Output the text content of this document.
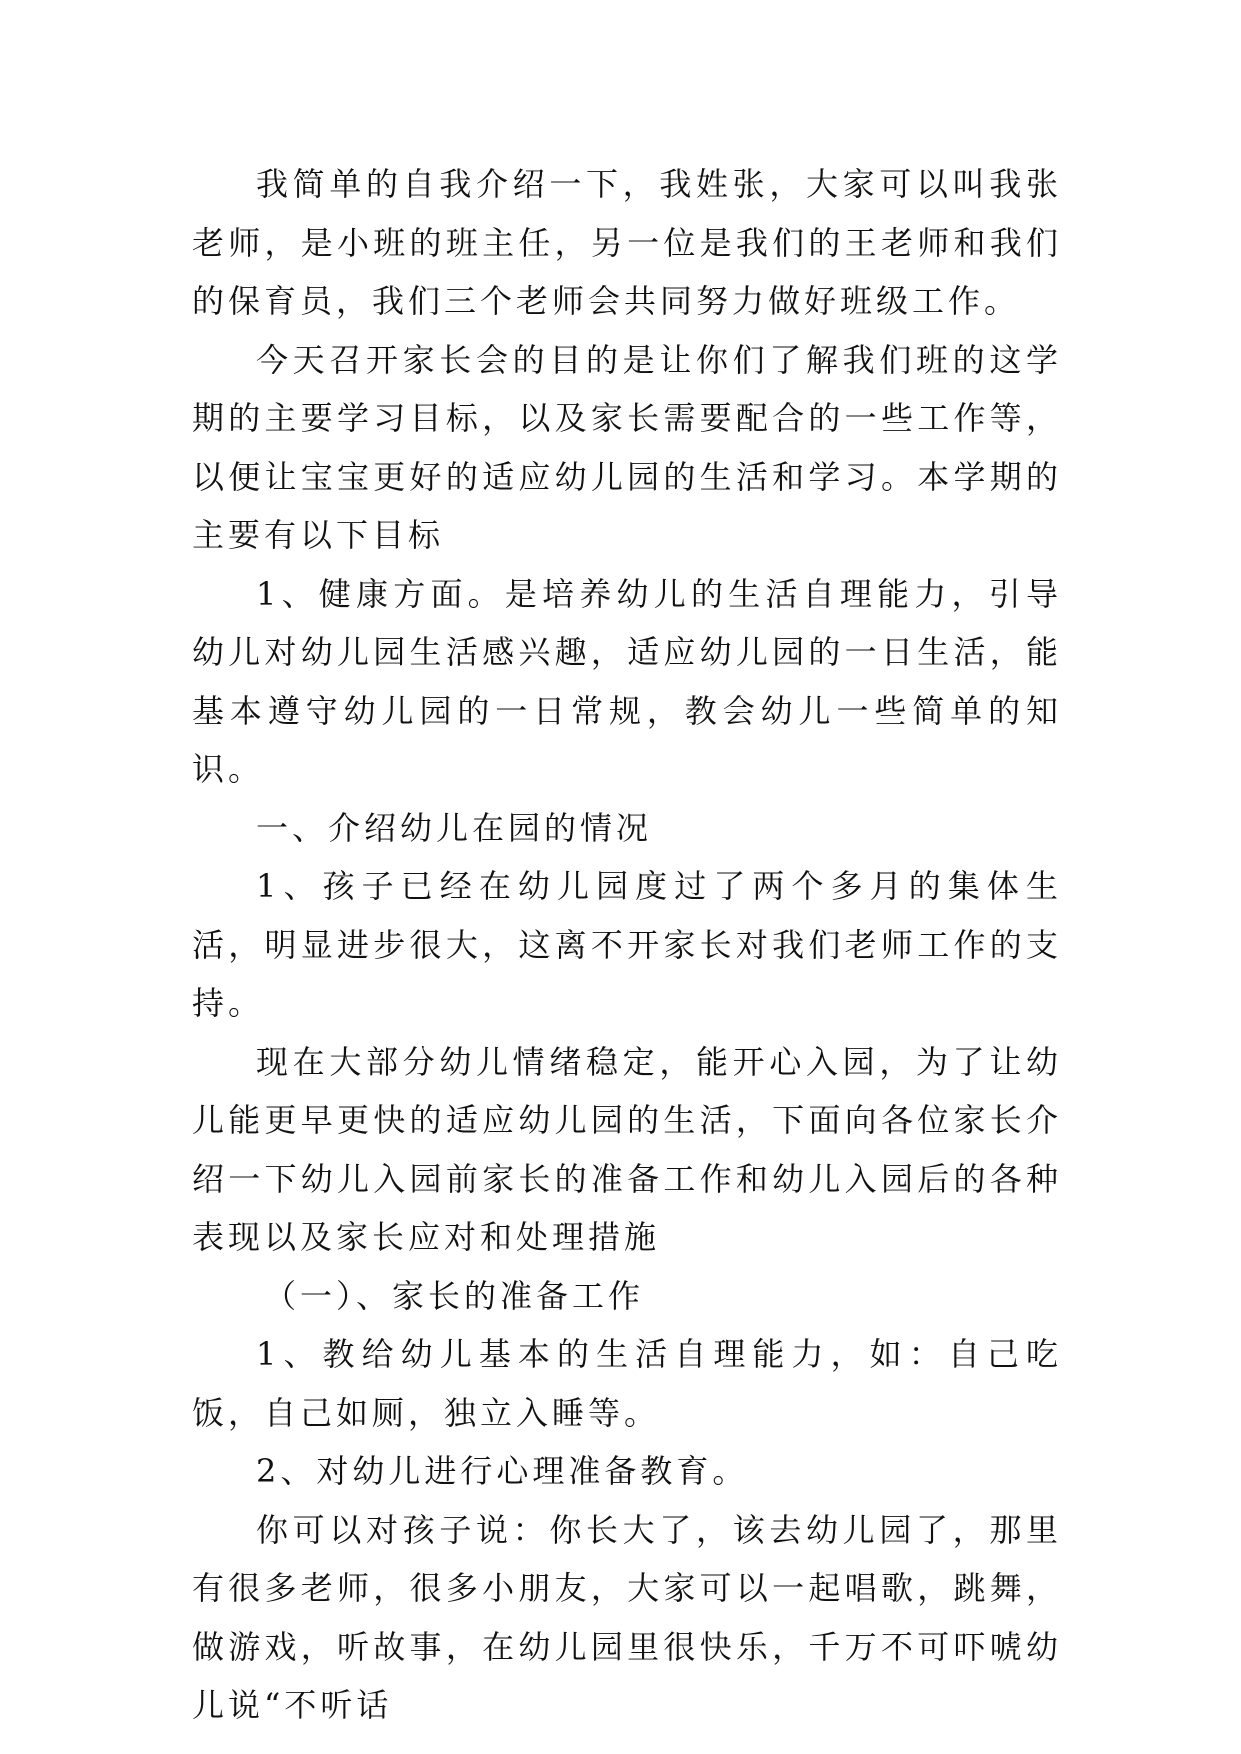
我简单的自我介绍一下，我姓张，大家可以叫我张老师，是小班的班主任，另一位是我们的王老师和我们的保育员，我们三个老师会共同努力做好班级工作。

今天召开家长会的目的是让你们了解我们班的这学期的主要学习目标，以及家长需要配合的一些工作等，以便让宝宝更好的适应幼儿园的生活和学习。本学期的主要有以下目标

1、健康方面。是培养幼儿的生活自理能力，引导幼儿对幼儿园生活感兴趣，适应幼儿园的一日生活，能基本遵守幼儿园的一日常规，教会幼儿一些简单的知识。

一、介绍幼儿在园的情况

1、孩子已经在幼儿园度过了两个多月的集体生活，明显进步很大，这离不开家长对我们老师工作的支持。

现在大部分幼儿情绪稳定，能开心入园，为了让幼儿能更早更快的适应幼儿园的生活，下面向各位家长介绍一下幼儿入园前家长的准备工作和幼儿入园后的各种表现以及家长应对和处理措施

（一）、家长的准备工作

1、教给幼儿基本的生活自理能力，如：自己吃饭，自己如厕，独立入睡等。

2、对幼儿进行心理准备教育。

你可以对孩子说：你长大了，该去幼儿园了，那里有很多老师，很多小朋友，大家可以一起唱歌，跳舞，做游戏，听故事，在幼儿园里很快乐，千万不可吓唬幼儿说“不听话
